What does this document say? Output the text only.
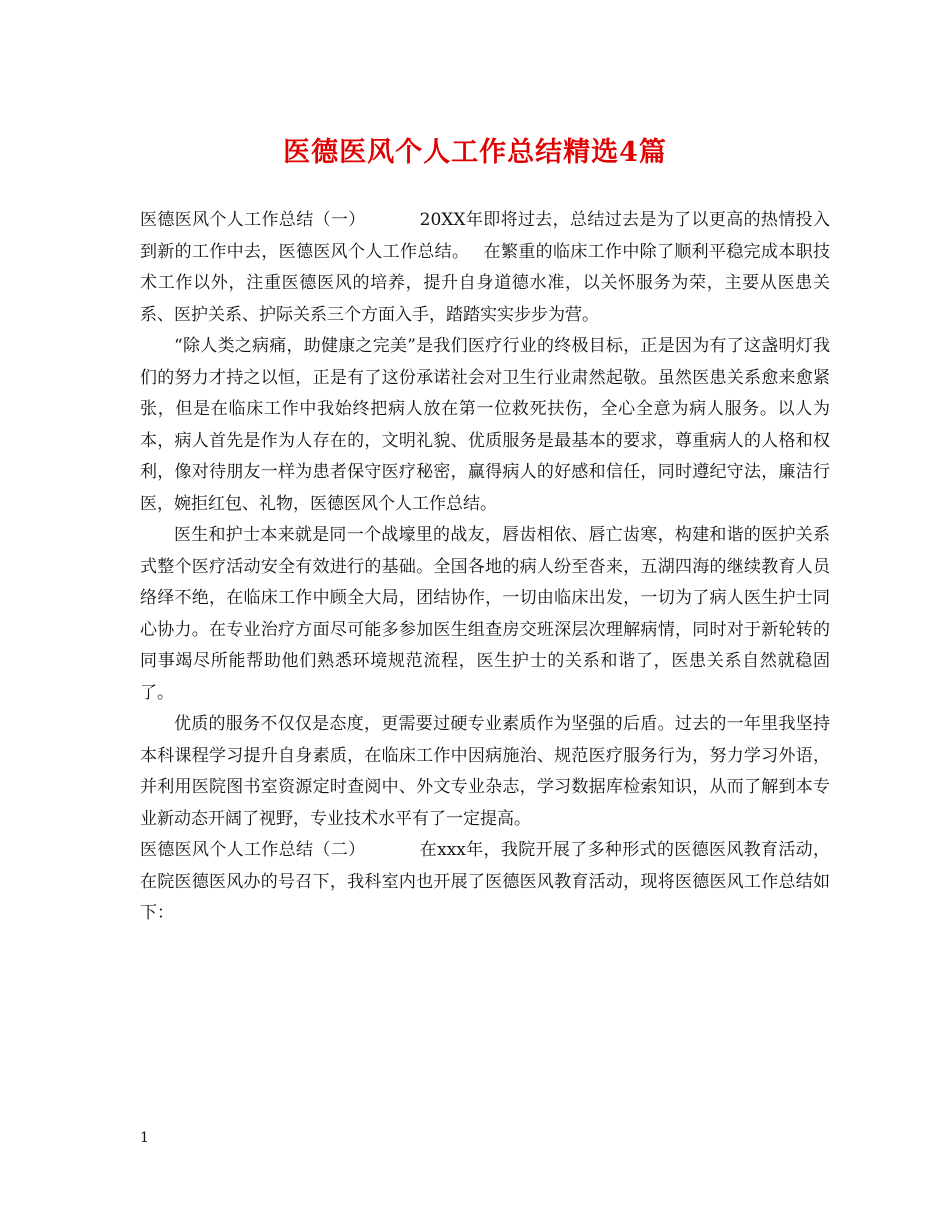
医德医风个人工作总结精选4篇

医德医风个人工作总结（一）	20XX年即将过去，总结过去是为了以更高的热情投入到新的工作中去，医德医风个人工作总结。 在繁重的临床工作中除了顺利平稳完成本职技术工作以外，注重医德医风的培养，提升自身道德水准，以关怀服务为荣，主要从医患关系、医护关系、护际关系三个方面入手，踏踏实实步步为营。

“除人类之病痛，助健康之完美”是我们医疗行业的终极目标，正是因为有了这盏明灯我们的努力才持之以恒，正是有了这份承诺社会对卫生行业肃然起敬。虽然医患关系愈来愈紧张，但是在临床工作中我始终把病人放在第一位救死扶伤，全心全意为病人服务。以人为本，病人首先是作为人存在的，文明礼貌、优质服务是最基本的要求，尊重病人的人格和权利，像对待朋友一样为患者保守医疗秘密，赢得病人的好感和信任，同时遵纪守法，廉洁行医，婉拒红包、礼物，医德医风个人工作总结。

医生和护士本来就是同一个战壕里的战友，唇齿相依、唇亡齿寒，构建和谐的医护关系式整个医疗活动安全有效进行的基础。全国各地的病人纷至沓来，五湖四海的继续教育人员络绎不绝，在临床工作中顾全大局，团结协作，一切由临床出发，一切为了病人医生护士同心协力。在专业治疗方面尽可能多参加医生组查房交班深层次理解病情，同时对于新轮转的同事竭尽所能帮助他们熟悉环境规范流程，医生护士的关系和谐了，医患关系自然就稳固了。

优质的服务不仅仅是态度，更需要过硬专业素质作为坚强的后盾。过去的一年里我坚持本科课程学习提升自身素质，在临床工作中因病施治、规范医疗服务行为，努力学习外语，并利用医院图书室资源定时查阅中、外文专业杂志，学习数据库检索知识，从而了解到本专业新动态开阔了视野，专业技术水平有了一定提高。

医德医风个人工作总结（二）	在xxx年，我院开展了多种形式的医德医风教育活动，在院医德医风办的号召下，我科室内也开展了医德医风教育活动，现将医德医风工作总结如下：

1
